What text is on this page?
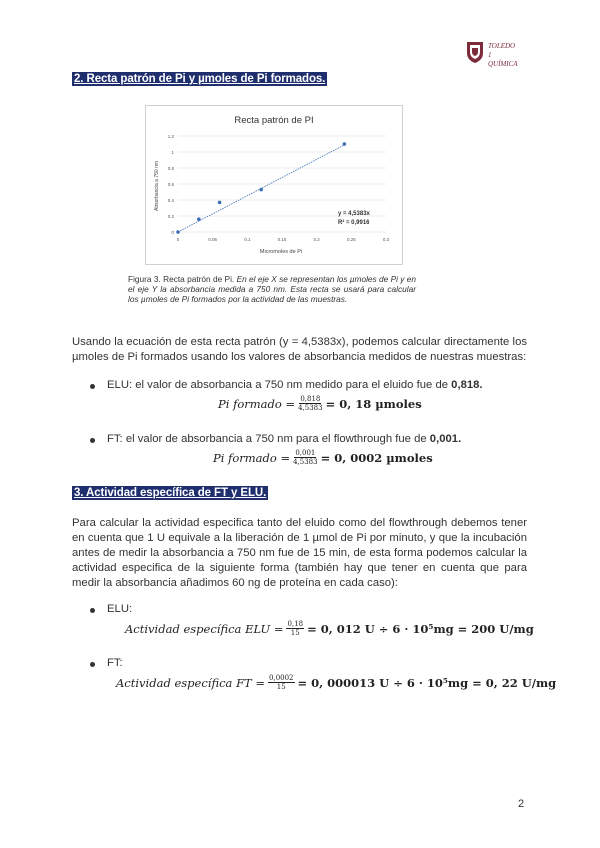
TOLEDO
1
QUÍMICA
2. Recta patrón de Pi y µmoles de Pi formados.
Recta patrón de PI
0
0.2
0.4
0.6
0.8
1
1.2
0	0.05	0.1	0.15	0.2	0.25	0.3
y = 4,5383x
R² = 0,9916
Micromoles de Pi
Absorbancia a 750 nm
Figura 3. Recta patrón de Pi. En el eje X se representan los µmoles de Pi y en el eje Y la absorbancia medida a 750 nm. Esta recta se usará para calcular los µmoles de Pi formados por la actividad de las muestras.
Usando la ecuación de esta recta patrón (y = 4,5383x), podemos calcular directamente los µmoles de Pi formados usando los valores de absorbancia medidos de nuestras muestras:
ELU: el valor de absorbancia a 750 nm medido para el eluido fue de 0,818.
Pi formado = $\frac{0,818}{4,5383} = 0$, 18 µmoles
FT: el valor de absorbancia a 750 nm para el flowthrough fue de 0,001.
Pi formado = $\frac{0,001}{4,5383} = 0$, 0002 µmoles
3. Actividad específica de FT y ELU.
Para calcular la actividad especifica tanto del eluido como del flowthrough debemos tener en cuenta que 1 U equivale a la liberación de 1 µmol de Pi por minuto, y que la incubación antes de medir la absorbancia a 750 nm fue de 15 min, de esta forma podemos calcular la actividad especifica de la siguiente forma (también hay que tener en cuenta que para medir la absorbancia añadimos 60 ng de proteína en cada caso):
ELU:
Actividad específica ELU = $\frac{0,18}{15} = 0$, 012 U ÷ 6 · 10⁵mg = 200 U/mg
FT:
Actividad específica FT = $\frac{0,0002}{15} = 0$, 000013 U ÷ 6 · 10⁵mg = 0, 22 U/mg
2
